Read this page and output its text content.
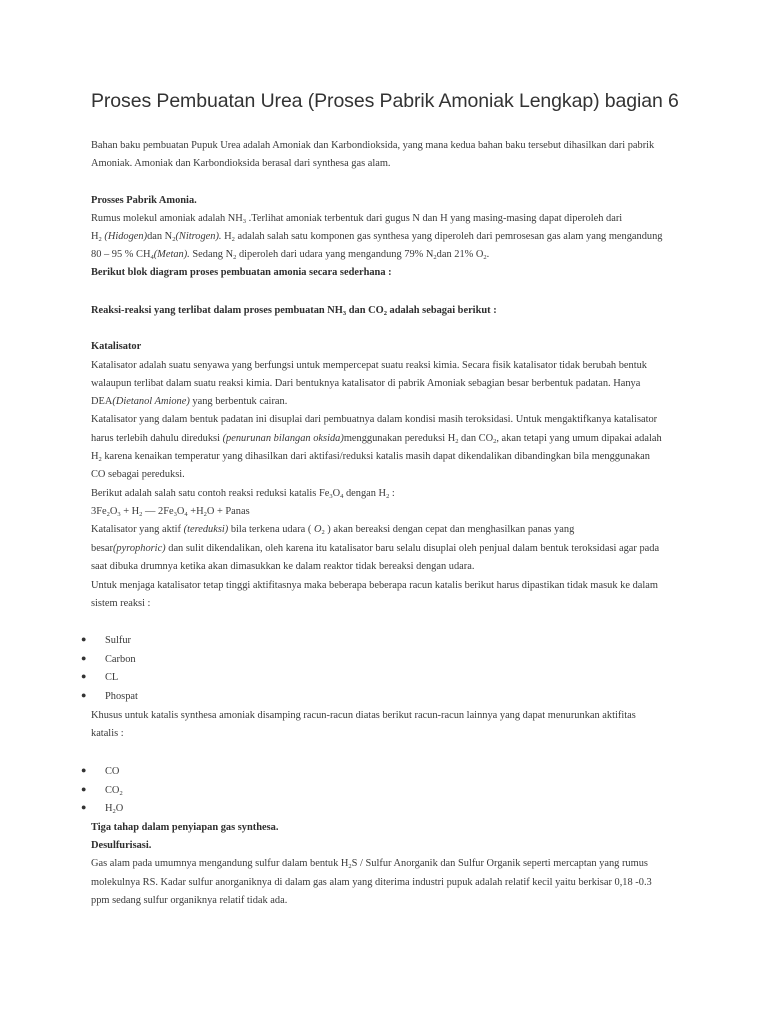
Proses Pembuatan Urea (Proses Pabrik Amoniak Lengkap) bagian 6
Bahan baku pembuatan Pupuk Urea adalah Amoniak dan Karbondioksida, yang mana kedua bahan baku tersebut dihasilkan dari pabrik
Amoniak. Amoniak dan Karbondioksida berasal dari synthesa gas alam.
Prosses Pabrik Amonia.
Rumus molekul amoniak adalah $NH_3$ .Terlihat amoniak terbentuk dari gugus N dan H yang masing-masing dapat diperoleh dari
$H_2$ (Hidogen)dan $N_2(Nitrogen)$. $H_2$ adalah salah satu komponen gas synthesa yang diperoleh dari pemrosesan gas alam yang mengandung
80 – 95 % $CH_4(Metan)$. Sedang $N_2$ diperoleh dari udara yang mengandung 79% $N_2dan$ 21% $O_2$.
Berikut blok diagram proses pembuatan amonia secara sederhana :
Reaksi-reaksi yang terlibat dalam proses pembuatan $NH_3$ dan $CO_2$ adalah sebagai berikut :
Katalisator
Katalisator adalah suatu senyawa yang berfungsi untuk mempercepat suatu reaksi kimia. Secara fisik katalisator tidak berubah bentuk
walaupun terlibat dalam suatu reaksi kimia. Dari bentuknya katalisator di pabrik Amoniak sebagian besar berbentuk padatan. Hanya
DEA(Dietanol Amione) yang berbentuk cairan.
Katalisator yang dalam bentuk padatan ini disuplai dari pembuatnya dalam kondisi masih teroksidasi. Untuk mengaktifkanya katalisator
harus terlebih dahulu direduksi (penurunan bilangan oksida)menggunakan pereduksi $H_2$ dan $CO_2$, akan tetapi yang umum dipakai adalah
$H_2$ karena kenaikan temperatur yang dihasilkan dari aktifasi/reduksi katalis masih dapat dikendalikan dibandingkan bila menggunakan
CO sebagai pereduksi.
Berikut adalah salah satu contoh reaksi reduksi katalis $Fe_3O_4$ dengan $H_2$ :
$3Fe_2O_3 + H_2$ — $2Fe_3O_4 +H_2O$ + Panas
Katalisator yang aktif (tereduksi) bila terkena udara ( $O_2$ ) akan bereaksi dengan cepat dan menghasilkan panas yang
besar(pyrophoric) dan sulit dikendalikan, oleh karena itu katalisator baru selalu disuplai oleh penjual dalam bentuk teroksidasi agar pada
saat dibuka drumnya ketika akan dimasukkan ke dalam reaktor tidak bereaksi dengan udara.
Untuk menjaga katalisator tetap tinggi aktifitasnya maka beberapa beberapa racun katalis berikut harus dipastikan tidak masuk ke dalam
sistem reaksi :
● Sulfur
● Carbon
● CL
● Phospat
Khusus untuk katalis synthesa amoniak disamping racun-racun diatas berikut racun-racun lainnya yang dapat menurunkan aktifitas
katalis :
● CO
● $CO_2$
● $H_2O$
Tiga tahap dalam penyiapan gas synthesa.
Desulfurisasi.
Gas alam pada umumnya mengandung sulfur dalam bentuk $H_2S$ / Sulfur Anorganik dan Sulfur Organik seperti mercaptan yang rumus
molekulnya RS. Kadar sulfur anorganiknya di dalam gas alam yang diterima industri pupuk adalah relatif kecil yaitu berkisar 0,18 -0.3
ppm sedang sulfur organiknya relatif tidak ada.
